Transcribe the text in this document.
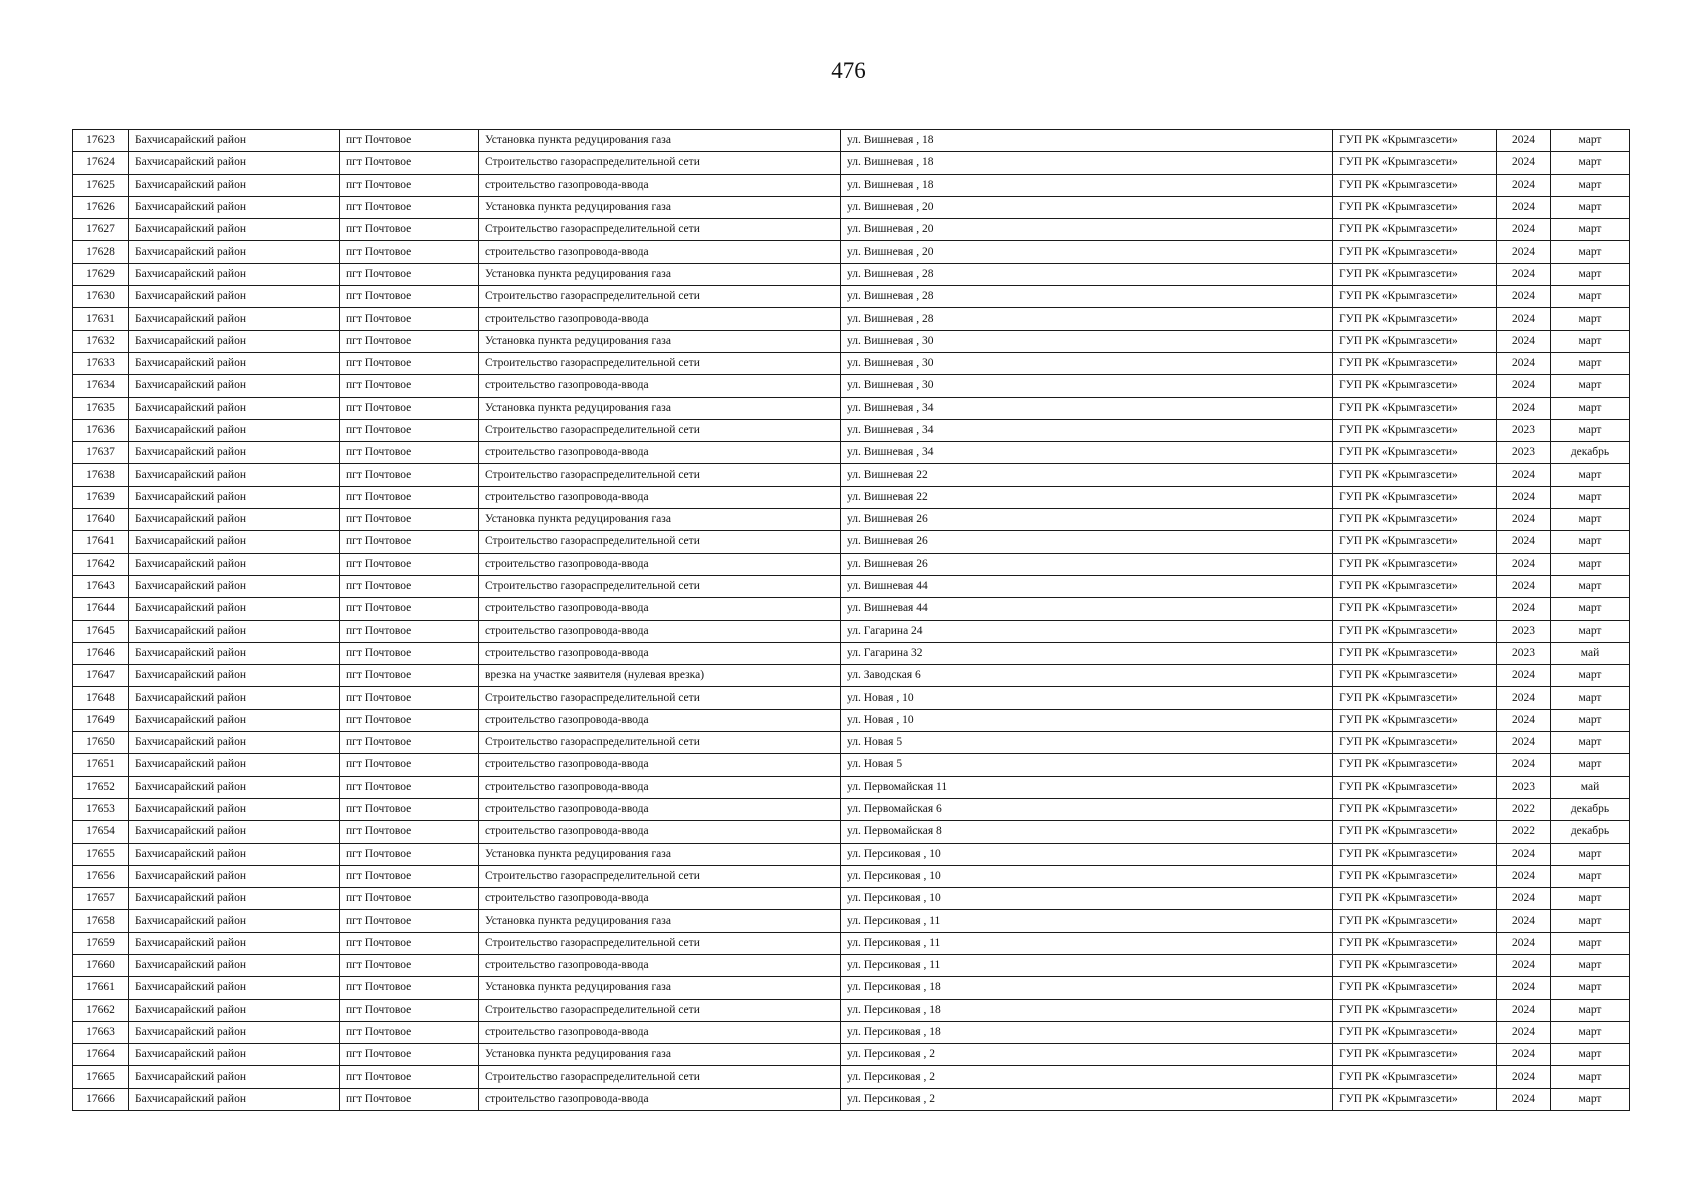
476
17623	Бахчисарайский район	пгт Почтовое	Установка пункта редуцирования газа	ул. Вишневая , 18	ГУП РК «Крымгазсети»	2024	март
17624	Бахчисарайский район	пгт Почтовое	Строительство газораспределительной сети	ул. Вишневая , 18	ГУП РК «Крымгазсети»	2024	март
17625	Бахчисарайский район	пгт Почтовое	строительство газопровода-ввода	ул. Вишневая , 18	ГУП РК «Крымгазсети»	2024	март
17626	Бахчисарайский район	пгт Почтовое	Установка пункта редуцирования газа	ул. Вишневая , 20	ГУП РК «Крымгазсети»	2024	март
17627	Бахчисарайский район	пгт Почтовое	Строительство газораспределительной сети	ул. Вишневая , 20	ГУП РК «Крымгазсети»	2024	март
17628	Бахчисарайский район	пгт Почтовое	строительство газопровода-ввода	ул. Вишневая , 20	ГУП РК «Крымгазсети»	2024	март
17629	Бахчисарайский район	пгт Почтовое	Установка пункта редуцирования газа	ул. Вишневая , 28	ГУП РК «Крымгазсети»	2024	март
17630	Бахчисарайский район	пгт Почтовое	Строительство газораспределительной сети	ул. Вишневая , 28	ГУП РК «Крымгазсети»	2024	март
17631	Бахчисарайский район	пгт Почтовое	строительство газопровода-ввода	ул. Вишневая , 28	ГУП РК «Крымгазсети»	2024	март
17632	Бахчисарайский район	пгт Почтовое	Установка пункта редуцирования газа	ул. Вишневая , 30	ГУП РК «Крымгазсети»	2024	март
17633	Бахчисарайский район	пгт Почтовое	Строительство газораспределительной сети	ул. Вишневая , 30	ГУП РК «Крымгазсети»	2024	март
17634	Бахчисарайский район	пгт Почтовое	строительство газопровода-ввода	ул. Вишневая , 30	ГУП РК «Крымгазсети»	2024	март
17635	Бахчисарайский район	пгт Почтовое	Установка пункта редуцирования газа	ул. Вишневая , 34	ГУП РК «Крымгазсети»	2024	март
17636	Бахчисарайский район	пгт Почтовое	Строительство газораспределительной сети	ул. Вишневая , 34	ГУП РК «Крымгазсети»	2023	март
17637	Бахчисарайский район	пгт Почтовое	строительство газопровода-ввода	ул. Вишневая , 34	ГУП РК «Крымгазсети»	2023	декабрь
17638	Бахчисарайский район	пгт Почтовое	Строительство газораспределительной сети	ул. Вишневая 22	ГУП РК «Крымгазсети»	2024	март
17639	Бахчисарайский район	пгт Почтовое	строительство газопровода-ввода	ул. Вишневая 22	ГУП РК «Крымгазсети»	2024	март
17640	Бахчисарайский район	пгт Почтовое	Установка пункта редуцирования газа	ул. Вишневая 26	ГУП РК «Крымгазсети»	2024	март
17641	Бахчисарайский район	пгт Почтовое	Строительство газораспределительной сети	ул. Вишневая 26	ГУП РК «Крымгазсети»	2024	март
17642	Бахчисарайский район	пгт Почтовое	строительство газопровода-ввода	ул. Вишневая 26	ГУП РК «Крымгазсети»	2024	март
17643	Бахчисарайский район	пгт Почтовое	Строительство газораспределительной сети	ул. Вишневая 44	ГУП РК «Крымгазсети»	2024	март
17644	Бахчисарайский район	пгт Почтовое	строительство газопровода-ввода	ул. Вишневая 44	ГУП РК «Крымгазсети»	2024	март
17645	Бахчисарайский район	пгт Почтовое	строительство газопровода-ввода	ул. Гагарина 24	ГУП РК «Крымгазсети»	2023	март
17646	Бахчисарайский район	пгт Почтовое	строительство газопровода-ввода	ул. Гагарина 32	ГУП РК «Крымгазсети»	2023	май
17647	Бахчисарайский район	пгт Почтовое	врезка на участке заявителя (нулевая врезка)	ул. Заводская 6	ГУП РК «Крымгазсети»	2024	март
17648	Бахчисарайский район	пгт Почтовое	Строительство газораспределительной сети	ул. Новая , 10	ГУП РК «Крымгазсети»	2024	март
17649	Бахчисарайский район	пгт Почтовое	строительство газопровода-ввода	ул. Новая , 10	ГУП РК «Крымгазсети»	2024	март
17650	Бахчисарайский район	пгт Почтовое	Строительство газораспределительной сети	ул. Новая 5	ГУП РК «Крымгазсети»	2024	март
17651	Бахчисарайский район	пгт Почтовое	строительство газопровода-ввода	ул. Новая 5	ГУП РК «Крымгазсети»	2024	март
17652	Бахчисарайский район	пгт Почтовое	строительство газопровода-ввода	ул. Первомайская 11	ГУП РК «Крымгазсети»	2023	май
17653	Бахчисарайский район	пгт Почтовое	строительство газопровода-ввода	ул. Первомайская 6	ГУП РК «Крымгазсети»	2022	декабрь
17654	Бахчисарайский район	пгт Почтовое	строительство газопровода-ввода	ул. Первомайская 8	ГУП РК «Крымгазсети»	2022	декабрь
17655	Бахчисарайский район	пгт Почтовое	Установка пункта редуцирования газа	ул. Персиковая , 10	ГУП РК «Крымгазсети»	2024	март
17656	Бахчисарайский район	пгт Почтовое	Строительство газораспределительной сети	ул. Персиковая , 10	ГУП РК «Крымгазсети»	2024	март
17657	Бахчисарайский район	пгт Почтовое	строительство газопровода-ввода	ул. Персиковая , 10	ГУП РК «Крымгазсети»	2024	март
17658	Бахчисарайский район	пгт Почтовое	Установка пункта редуцирования газа	ул. Персиковая , 11	ГУП РК «Крымгазсети»	2024	март
17659	Бахчисарайский район	пгт Почтовое	Строительство газораспределительной сети	ул. Персиковая , 11	ГУП РК «Крымгазсети»	2024	март
17660	Бахчисарайский район	пгт Почтовое	строительство газопровода-ввода	ул. Персиковая , 11	ГУП РК «Крымгазсети»	2024	март
17661	Бахчисарайский район	пгт Почтовое	Установка пункта редуцирования газа	ул. Персиковая , 18	ГУП РК «Крымгазсети»	2024	март
17662	Бахчисарайский район	пгт Почтовое	Строительство газораспределительной сети	ул. Персиковая , 18	ГУП РК «Крымгазсети»	2024	март
17663	Бахчисарайский район	пгт Почтовое	строительство газопровода-ввода	ул. Персиковая , 18	ГУП РК «Крымгазсети»	2024	март
17664	Бахчисарайский район	пгт Почтовое	Установка пункта редуцирования газа	ул. Персиковая , 2	ГУП РК «Крымгазсети»	2024	март
17665	Бахчисарайский район	пгт Почтовое	Строительство газораспределительной сети	ул. Персиковая , 2	ГУП РК «Крымгазсети»	2024	март
17666	Бахчисарайский район	пгт Почтовое	строительство газопровода-ввода	ул. Персиковая , 2	ГУП РК «Крымгазсети»	2024	март
